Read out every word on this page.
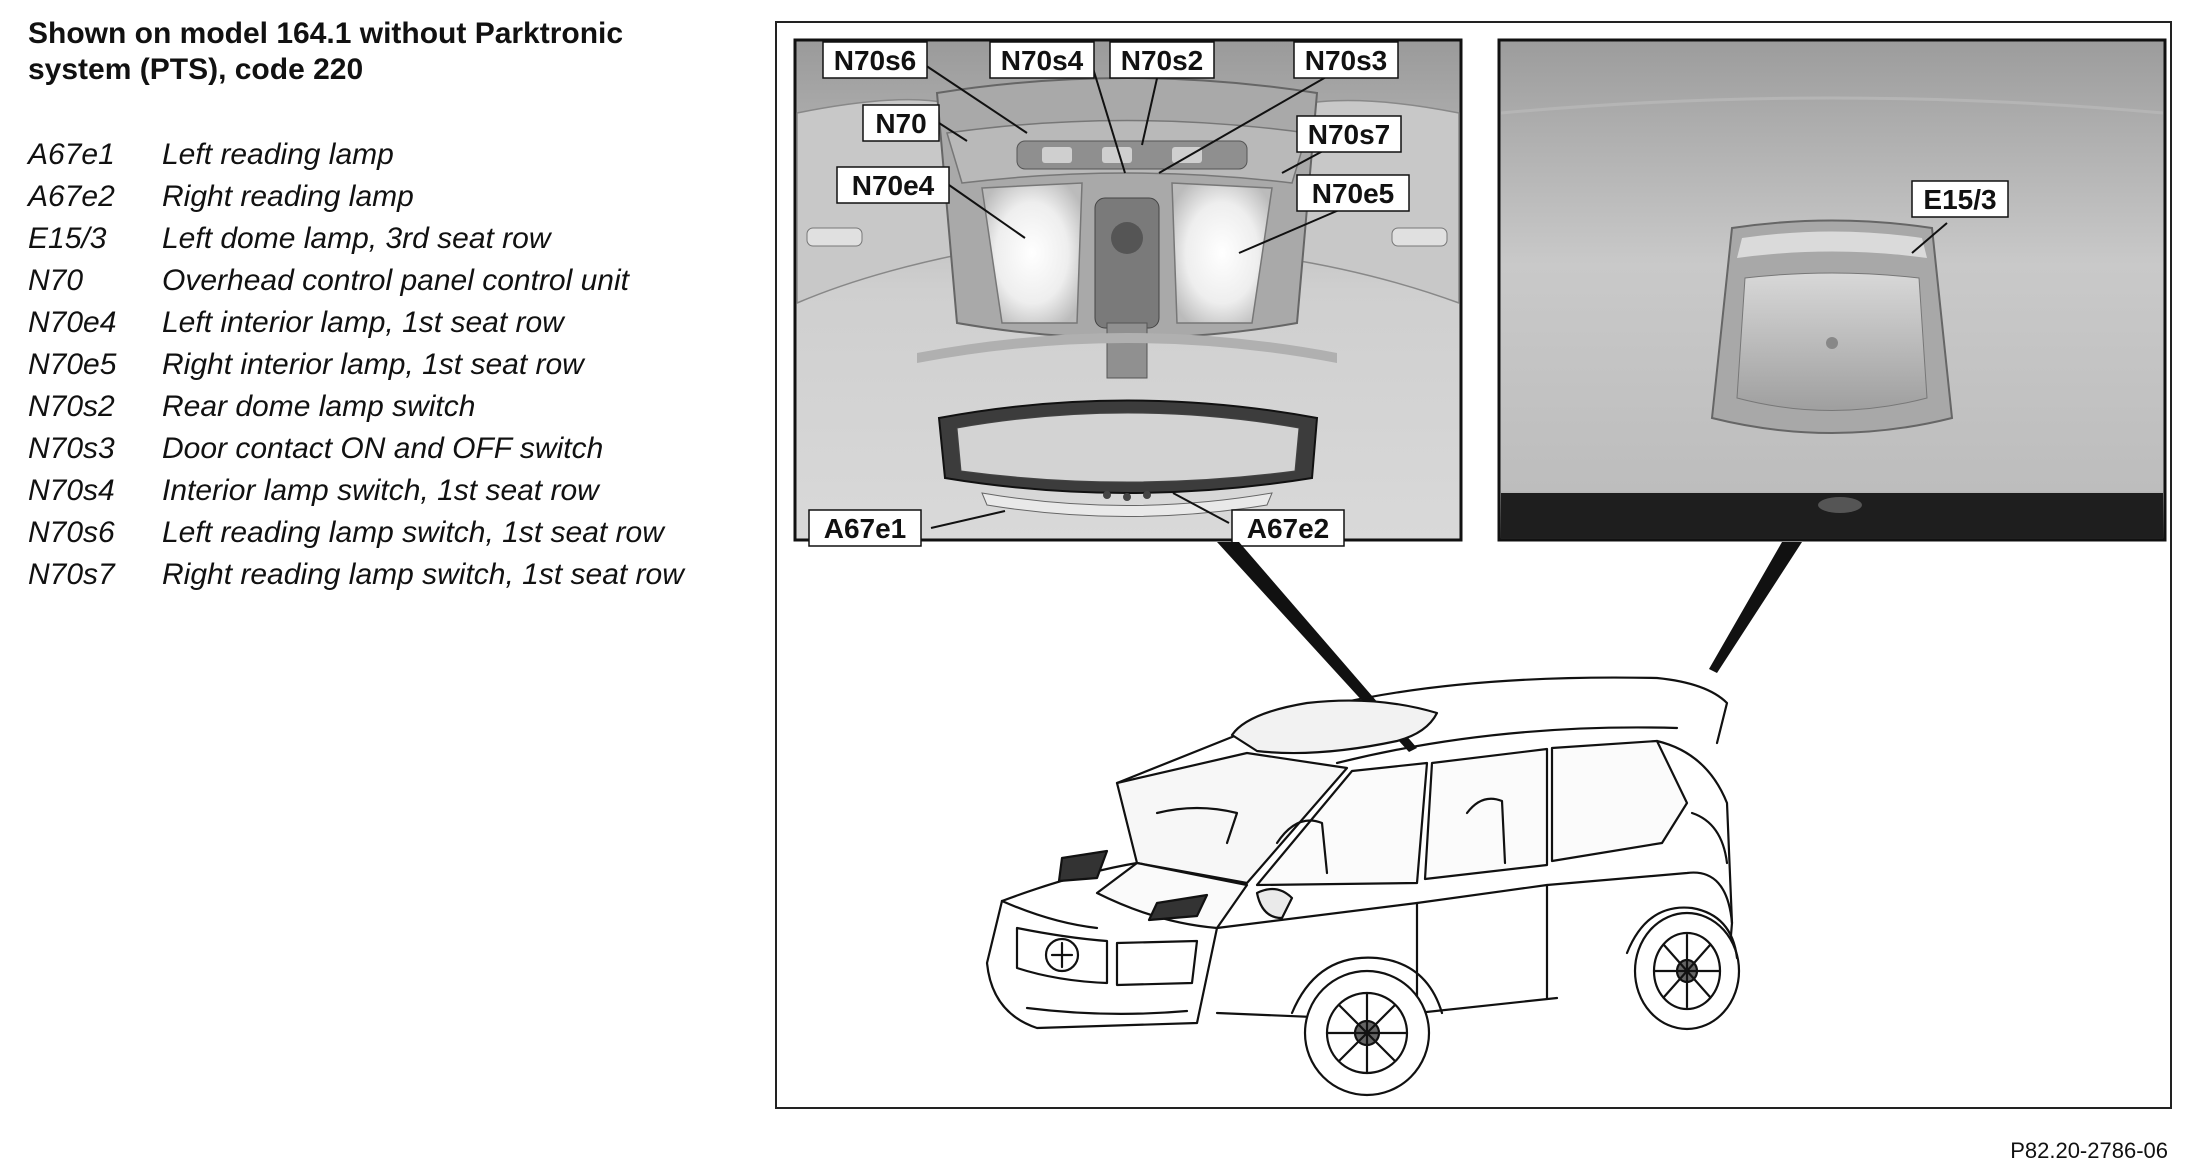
Shown on model 164.1 without Parktronic system (PTS), code 220
A67e1	Left reading lamp
A67e2	Right reading lamp
E15/3	Left dome lamp, 3rd seat row
N70	Overhead control panel control unit
N70e4	Left interior lamp, 1st seat row
N70e5	Right interior lamp, 1st seat row
N70s2	Rear dome lamp switch
N70s3	Door contact ON and OFF switch
N70s4	Interior lamp switch, 1st seat row
N70s6	Left reading lamp switch, 1st seat row
N70s7	Right reading lamp switch, 1st seat row
N70s6	N70s4 N70s2	N70s3
N70	N70s7
N70e4	N70e5
A67e1	A67e2
E15/3
P82.20-2786-06
